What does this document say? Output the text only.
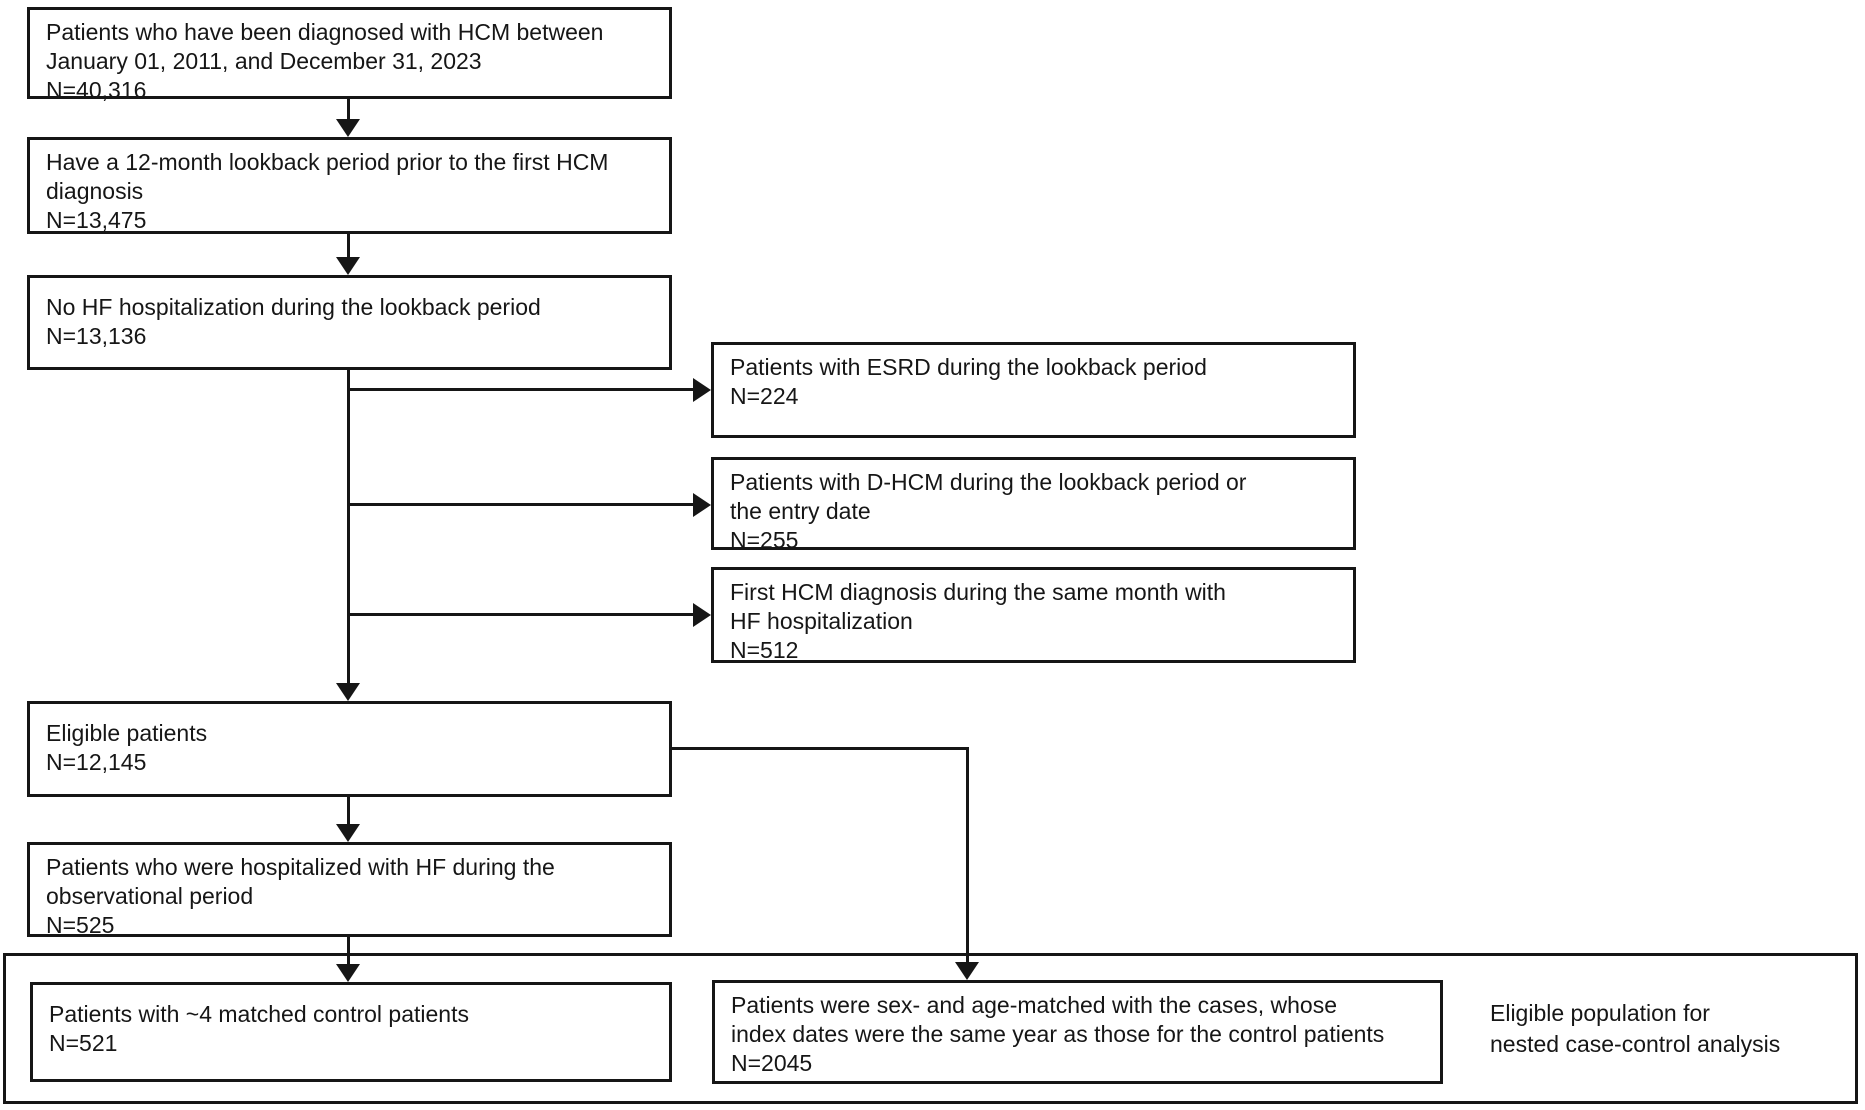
Patients who have been diagnosed with HCM between
January 01, 2011, and December 31, 2023
N=40,316
Have a 12-month lookback period prior to the first HCM
diagnosis
N=13,475
No HF hospitalization during the lookback period
N=13,136
Eligible patients
N=12,145
Patients who were hospitalized with HF during the
observational period
N=525
Patients with ESRD during the lookback period
N=224
Patients with D-HCM during the lookback period or
the entry date
N=255
First HCM diagnosis during the same month with
HF hospitalization
N=512
Patients with ~4 matched control patients
N=521
Patients were sex- and age-matched with the cases, whose
index dates were the same year as those for the control patients
N=2045
Eligible population for
nested case-control analysis
